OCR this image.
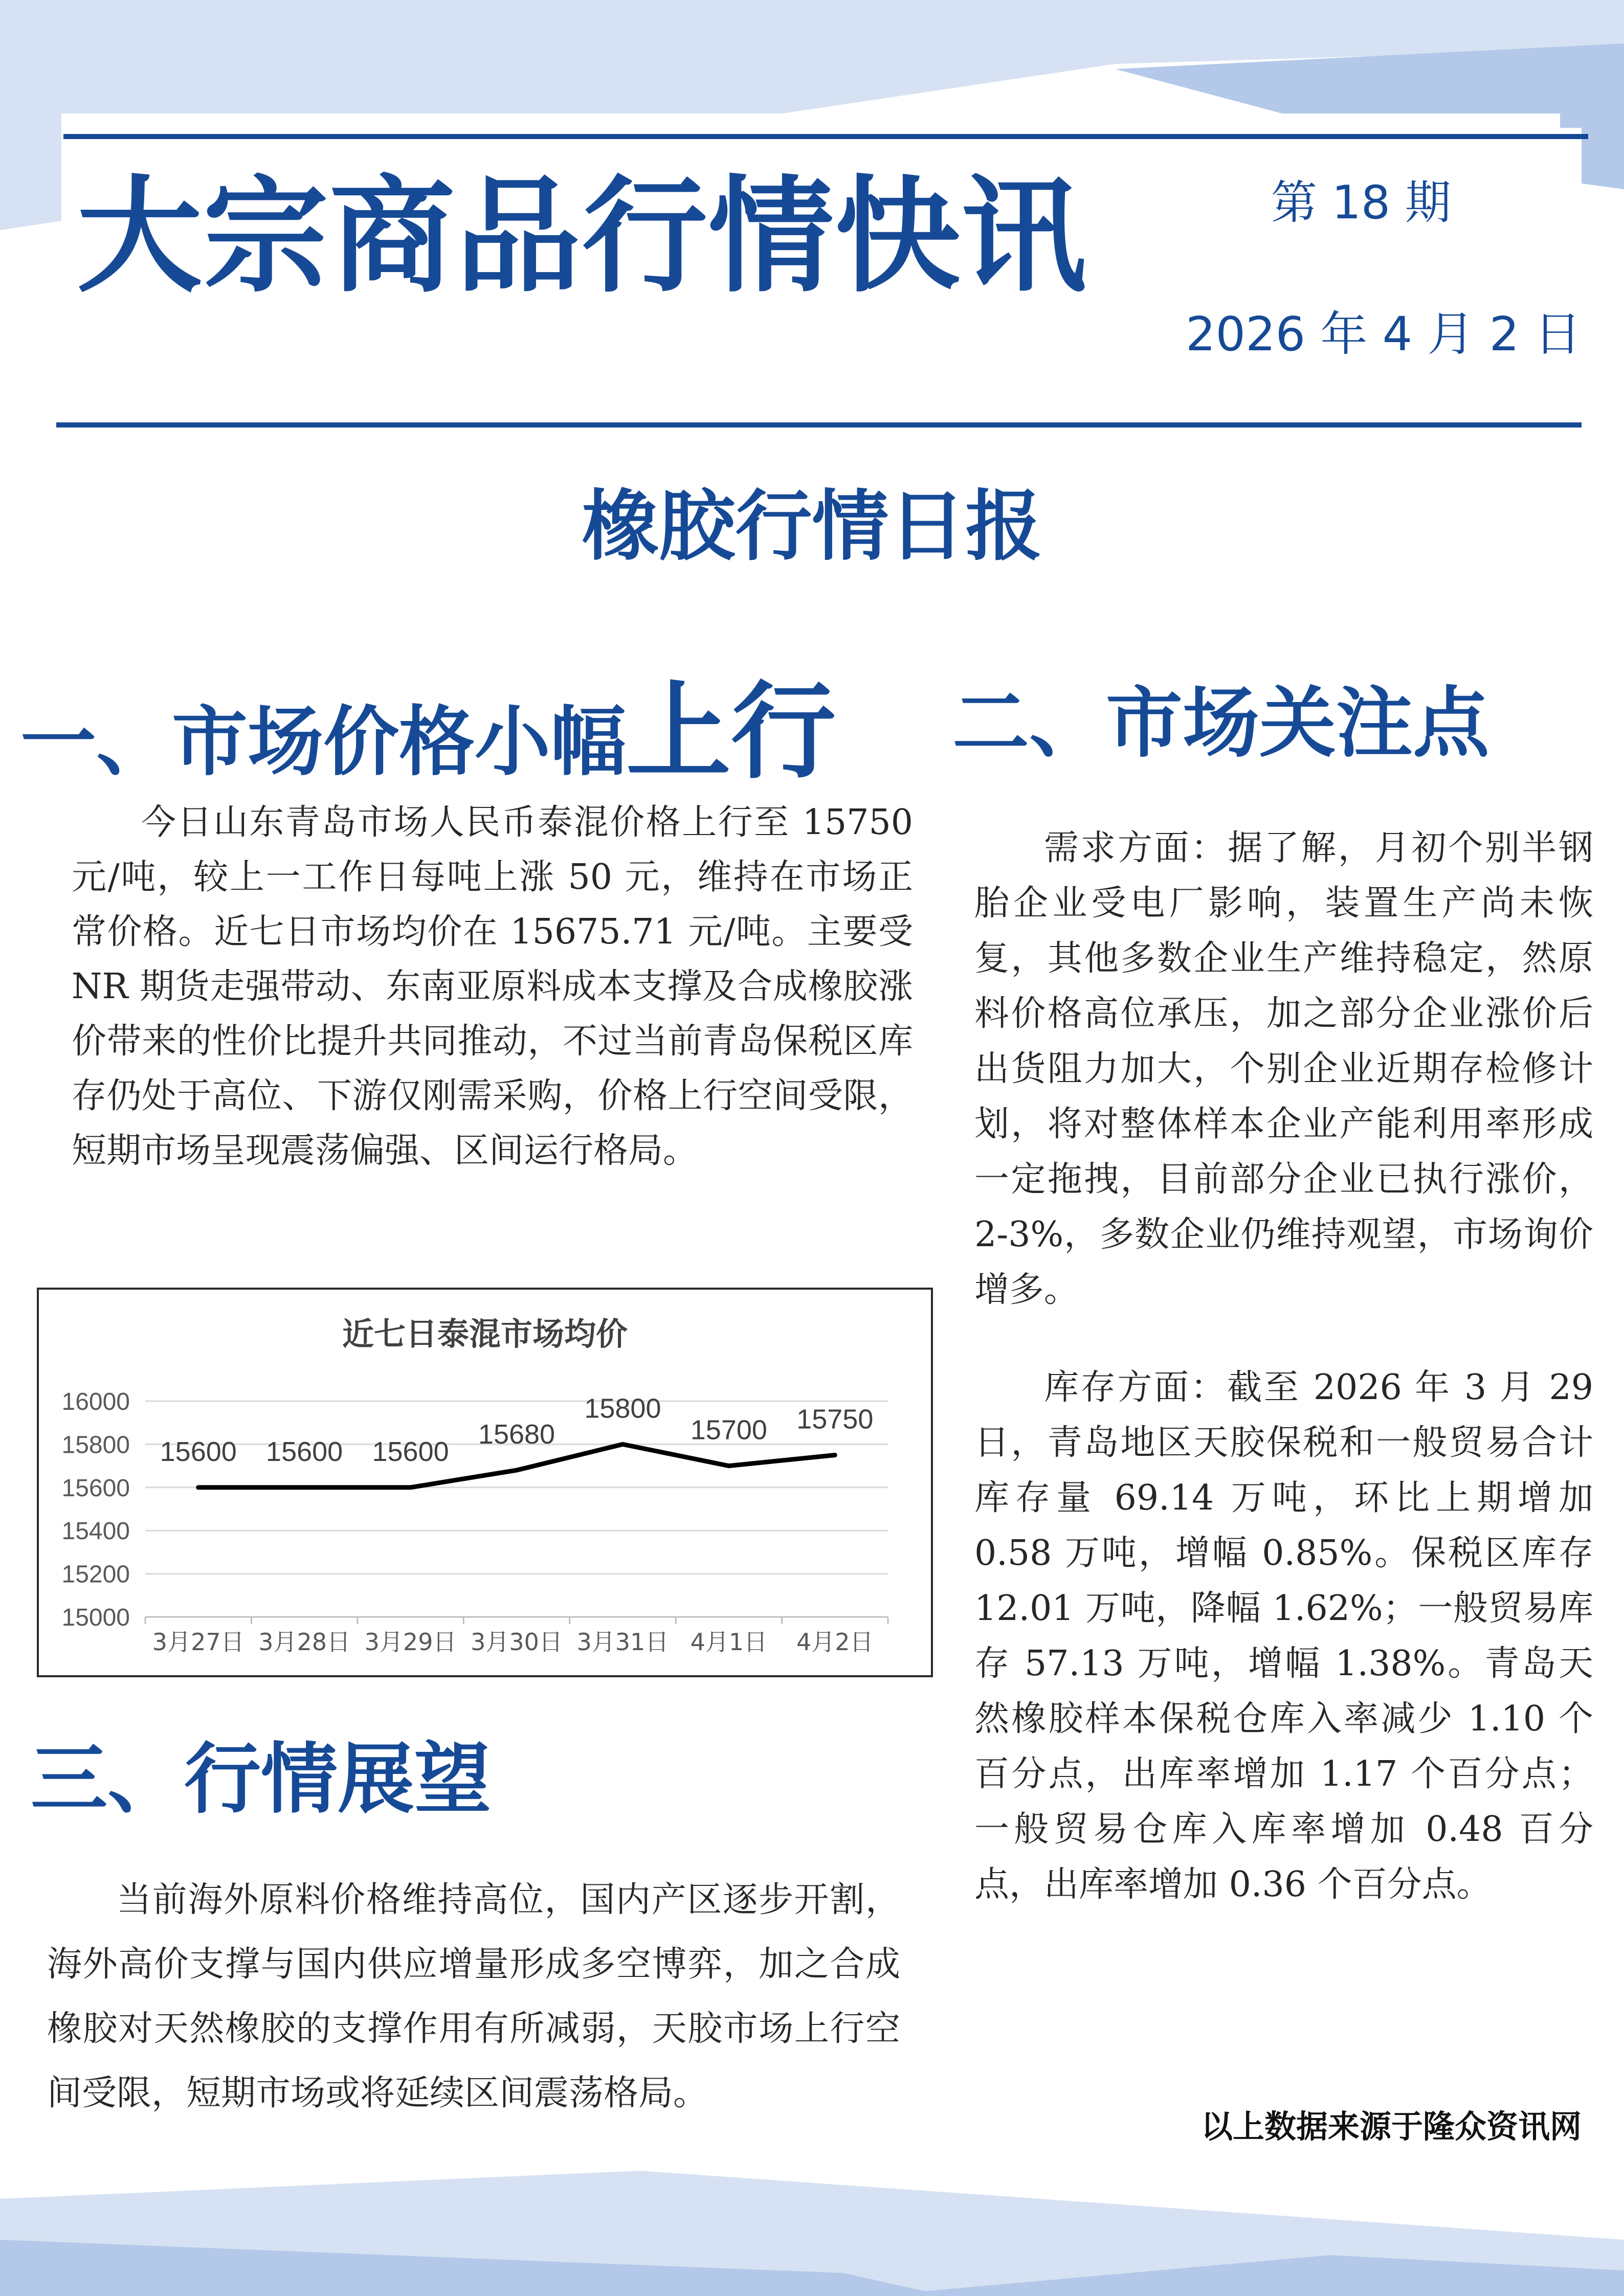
大宗商品行情快讯	第 18 期
2026 年 4 月 2 日
橡胶行情日报
一、市场价格小幅上行

今日山东青岛市场人民币泰混价格上行至 15750 元/吨，较上一工作日每吨上涨 50 元，维持在市场正常价格。近七日市场均价在 15675.71 元/吨。主要受 NR 期货走强带动、东南亚原料成本支撑及合成橡胶涨价带来的性价比提升共同推动，不过当前青岛保税区库存仍处于高位、下游仅刚需采购，价格上行空间受限，短期市场呈现震荡偏强、区间运行格局。

近七日泰混市场均价
15000
15200
15400
15600
15800
16000
3月27日 3月28日 3月29日 3月30日 3月31日 4月1日 4月2日
15600 15600 15600
15680
15800
15700 15750
三、行情展望

当前海外原料价格维持高位，国内产区逐步开割，海外高价支撑与国内供应增量形成多空博弈，加之合成橡胶对天然橡胶的支撑作用有所减弱，天胶市场上行空间受限，短期市场或将延续区间震荡格局。

二、市场关注点

需求方面：据了解，月初个别半钢胎企业受电厂影响，装置生产尚未恢复，其他多数企业生产维持稳定，然原料价格高位承压，加之部分企业涨价后出货阻力加大，个别企业近期存检修计划，将对整体样本企业产能利用率形成一定拖拽，目前部分企业已执行涨价，2-3%，多数企业仍维持观望，市场询价增多。

库存方面：截至 2026 年 3 月 29 日，青岛地区天胶保税和一般贸易合计库存量 69.14 万吨，环比上期增加 0.58 万吨，增幅 0.85%。保税区库存 12.01 万吨，降幅 1.62%；一般贸易库存 57.13 万吨，增幅 1.38%。青岛天然橡胶样本保税仓库入率减少 1.10 个百分点，出库率增加 1.17 个百分点；一般贸易仓库入库率增加 0.48 百分点，出库率增加 0.36 个百分点。

以上数据来源于隆众资讯网
